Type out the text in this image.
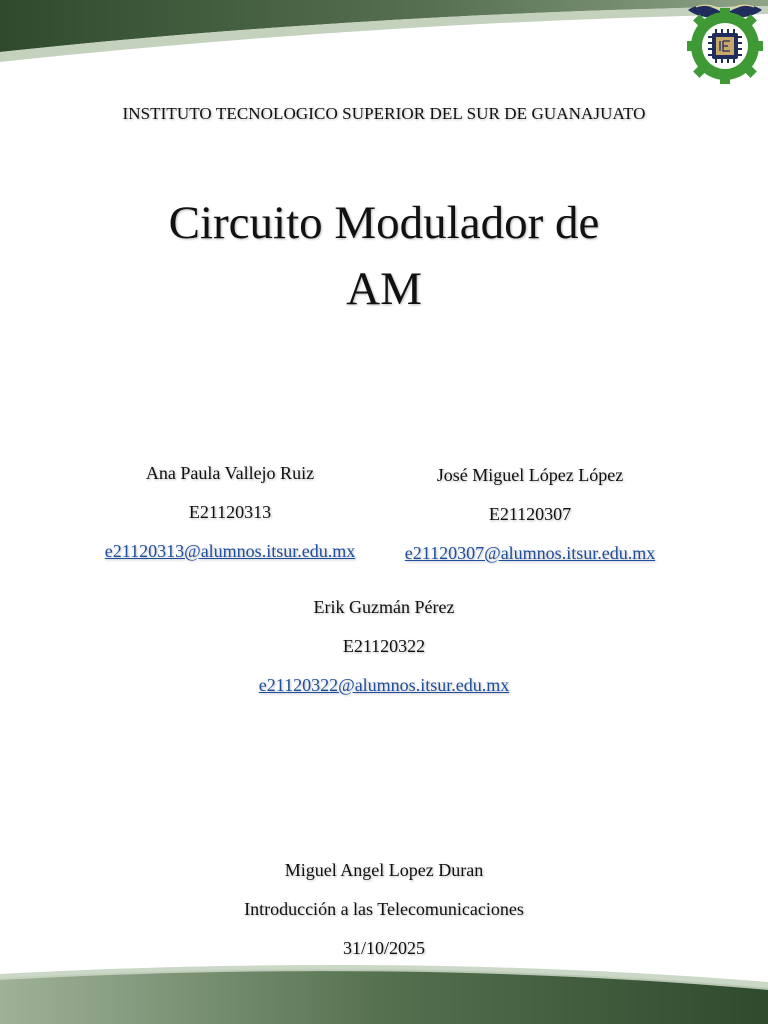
INSTITUTO TECNOLOGICO SUPERIOR DEL SUR DE GUANAJUATO
Circuito Modulador de
AM
Ana Paula Vallejo Ruiz
E21120313
e21120313@alumnos.itsur.edu.mx
José Miguel López López
E21120307
e21120307@alumnos.itsur.edu.mx
Erik Guzmán Pérez
E21120322
e21120322@alumnos.itsur.edu.mx
Miguel Angel Lopez Duran
Introducción a las Telecomunicaciones
31/10/2025
